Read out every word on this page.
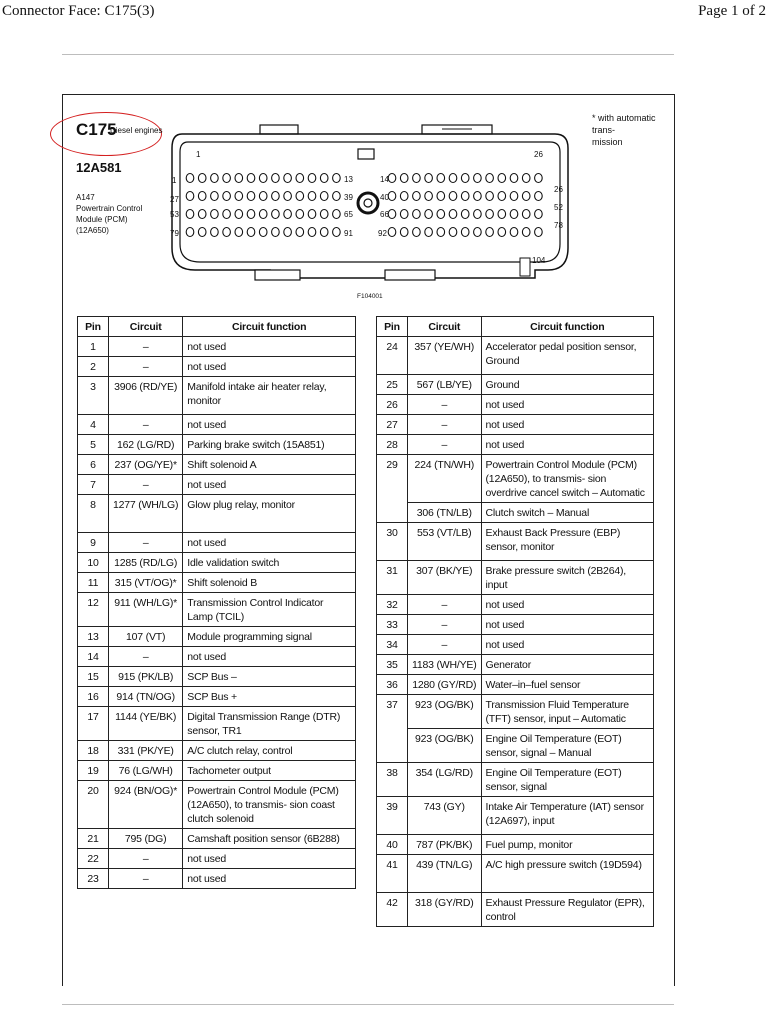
Connector Face: C175(3)	Page 1 of 2
C175
Diesel engines
12A581
A147
Powertrain Control
Module (PCM)
(12A650)
* with automatic trans-
mission
1	26
1	13	14
26
27	39	40
52
53	65	66
78
79	91	92
104
F104001
Pin	Circuit	Circuit function
1	–	not used
2	–	not used
3	3906 (RD/YE)	Manifold intake air heater relay, monitor
4	–	not used
5	162 (LG/RD)	Parking brake switch (15A851)
6	237 (OG/YE)*	Shift solenoid A
7	–	not used
8	1277 (WH/LG)	Glow plug relay, monitor
9	–	not used
10	1285 (RD/LG)	Idle validation switch
11	315 (VT/OG)*	Shift solenoid B
12	911 (WH/LG)*	Transmission Control Indicator Lamp (TCIL)
13	107 (VT)	Module programming signal
14	–	not used
15	915 (PK/LB)	SCP Bus –
16	914 (TN/OG)	SCP Bus +
17	1144 (YE/BK)	Digital Transmission Range (DTR) sensor, TR1
18	331 (PK/YE)	A/C clutch relay, control
19	76 (LG/WH)	Tachometer output
20	924 (BN/OG)*	Powertrain Control Module (PCM) (12A650), to transmis- sion coast clutch solenoid
21	795 (DG)	Camshaft position sensor (6B288)
22	–	not used
23	–	not used
Pin	Circuit	Circuit function
24	357 (YE/WH)	Accelerator pedal position sensor, Ground
25	567 (LB/YE)	Ground
26	–	not used
27	–	not used
28	–	not used
29	224 (TN/WH)	Powertrain Control Module (PCM) (12A650), to transmis- sion overdrive cancel switch – Automatic
	306 (TN/LB)	Clutch switch – Manual
30	553 (VT/LB)	Exhaust Back Pressure (EBP) sensor, monitor
31	307 (BK/YE)	Brake pressure switch (2B264), input
32	–	not used
33	–	not used
34	–	not used
35	1183 (WH/YE)	Generator
36	1280 (GY/RD)	Water–in–fuel sensor
37	923 (OG/BK)	Transmission Fluid Temperature (TFT) sensor, input – Automatic
	923 (OG/BK)	Engine Oil Temperature (EOT) sensor, signal – Manual
38	354 (LG/RD)	Engine Oil Temperature (EOT) sensor, signal
39	743 (GY)	Intake Air Temperature (IAT) sensor (12A697), input
40	787 (PK/BK)	Fuel pump, monitor
41	439 (TN/LG)	A/C high pressure switch (19D594)
42	318 (GY/RD)	Exhaust Pressure Regulator (EPR), control
